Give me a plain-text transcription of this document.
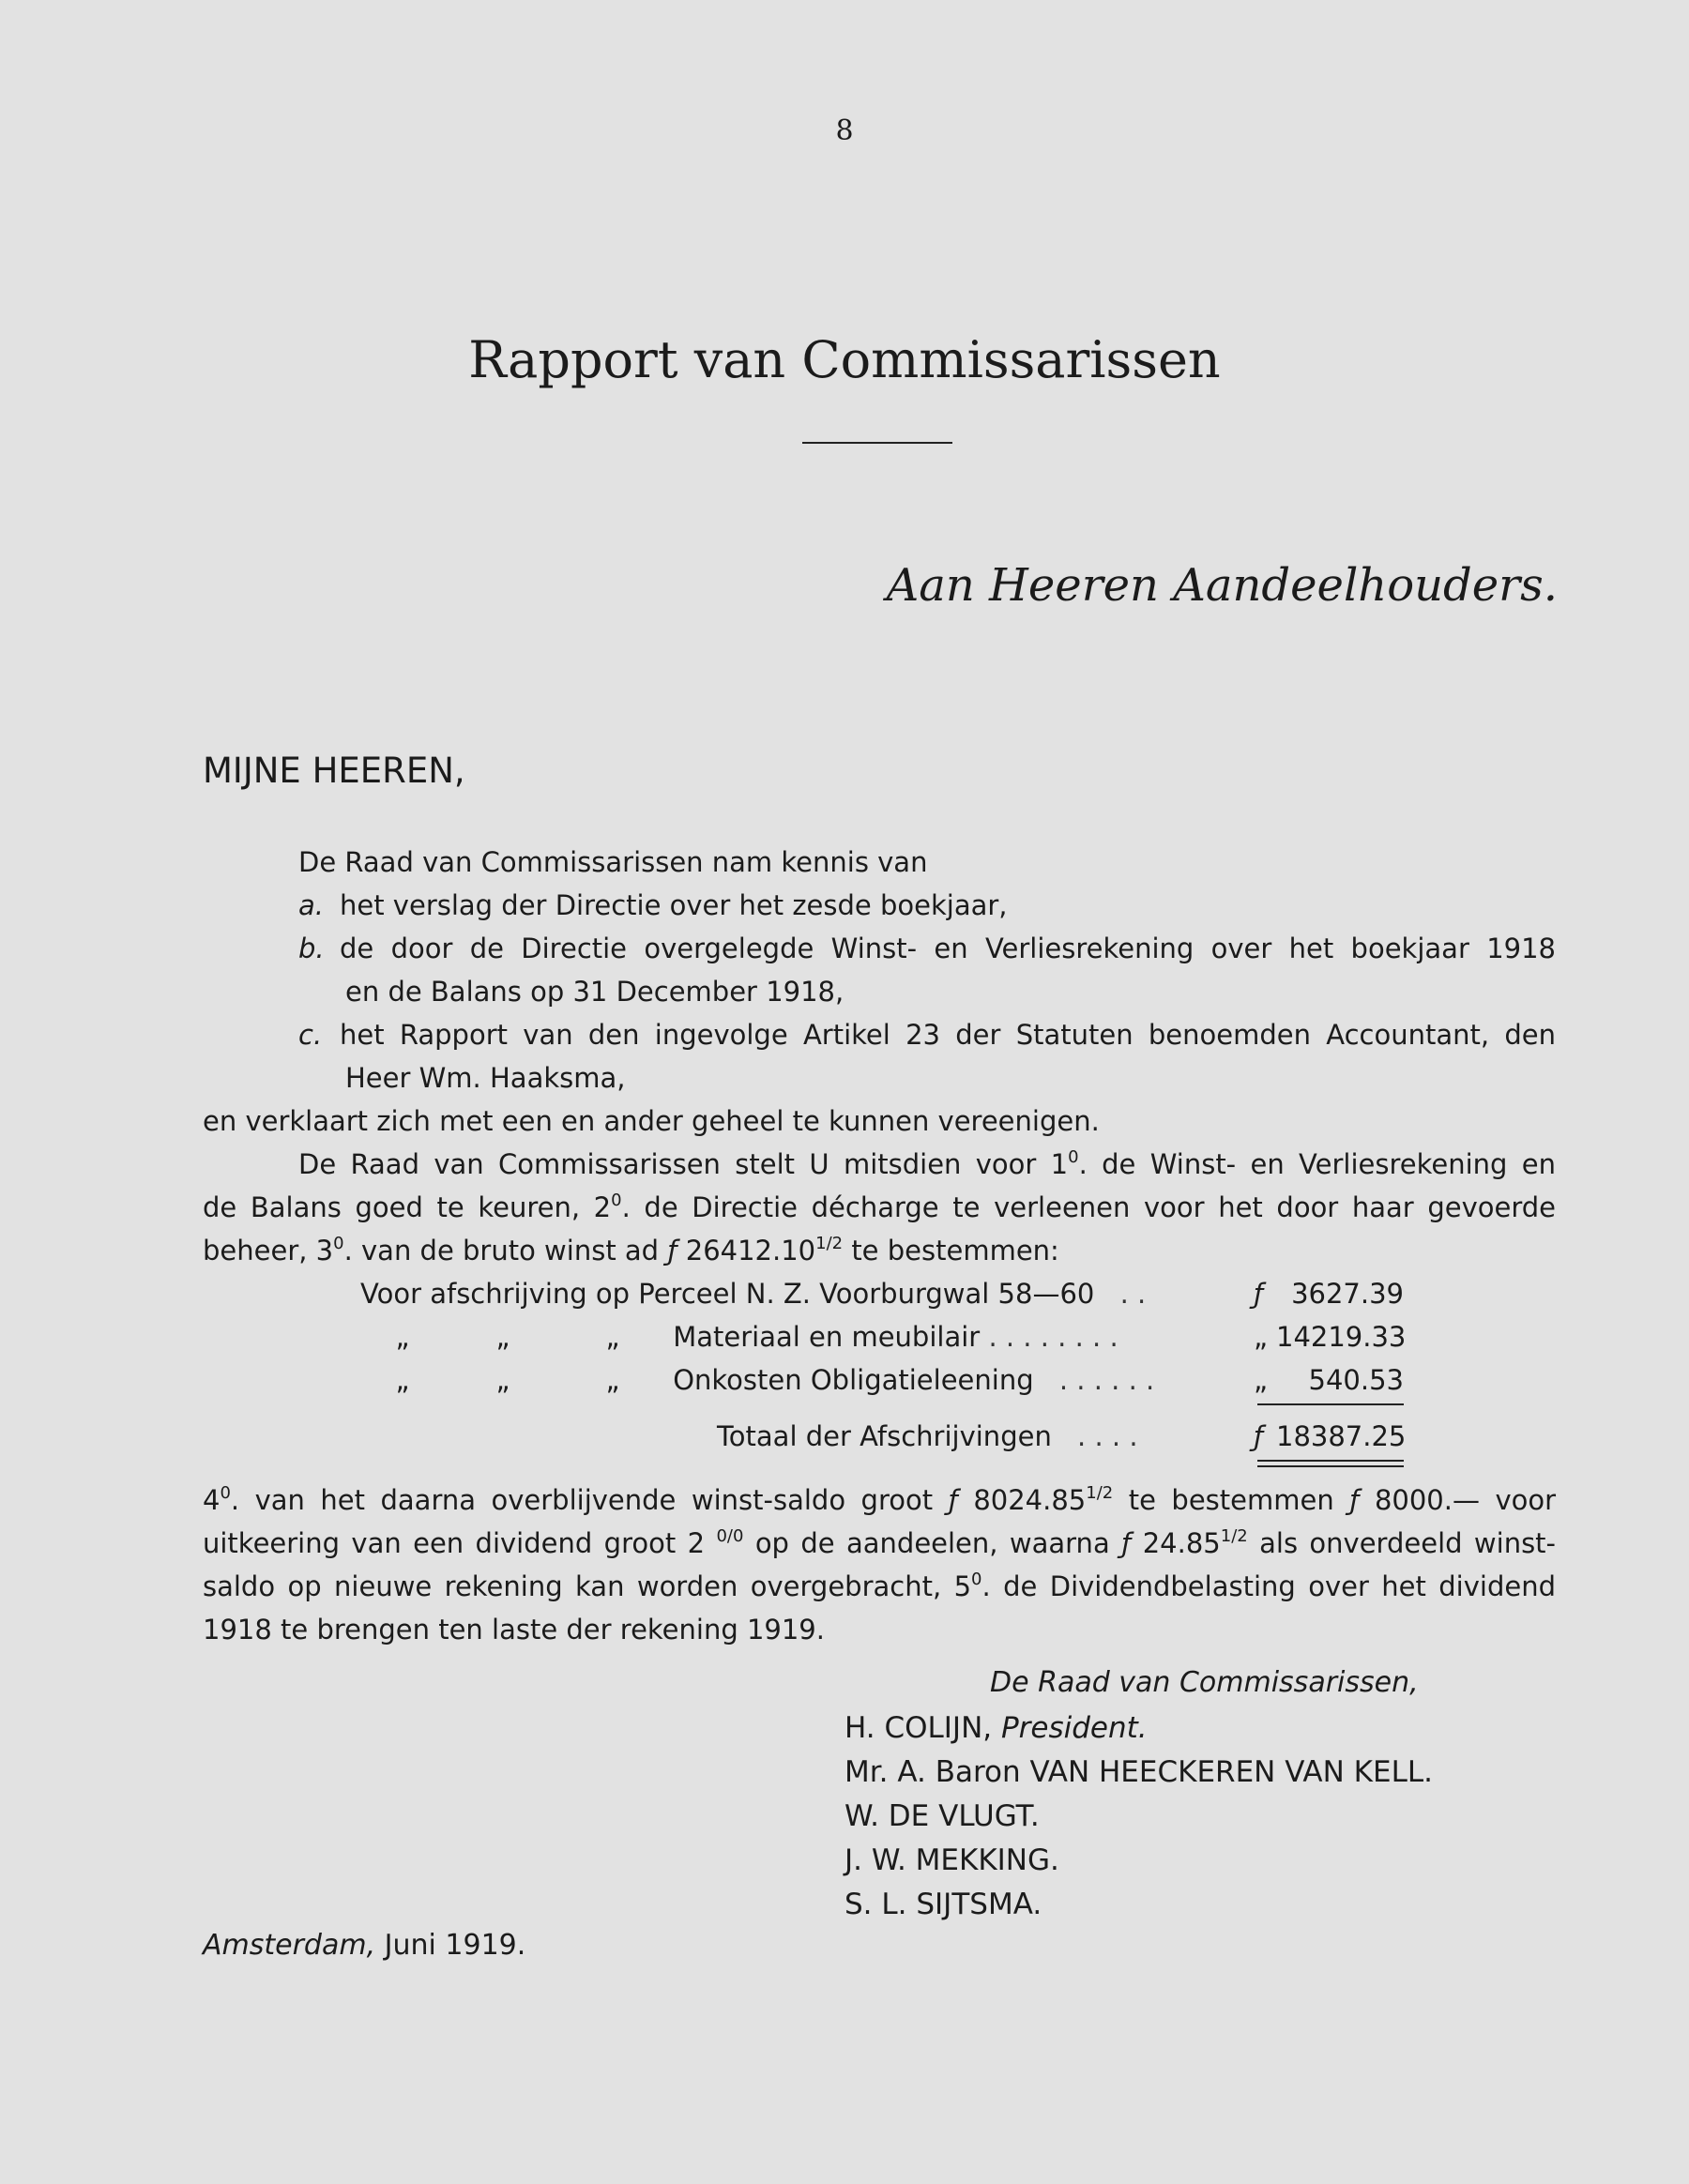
8
Rapport van Commissarissen
Aan Heeren Aandeelhouders.
MIJNE HEEREN,
De Raad van Commissarissen nam kennis van
a. het verslag der Directie over het zesde boekjaar,
b. de door de Directie overgelegde Winst- en Verliesrekening over het boekjaar 1918
en de Balans op 31 December 1918,
c. het Rapport van den ingevolge Artikel 23 der Statuten benoemden Accountant, den
Heer Wm. Haaksma,
en verklaart zich met een en ander geheel te kunnen vereenigen.
De Raad van Commissarissen stelt U mitsdien voor $1^0$. de Winst- en Verliesrekening en
de Balans goed te keuren, $2^0$. de Directie décharge te verleenen voor het door haar gevoerde
beheer, $3^0$. van de bruto winst ad ƒ $26412.10^{1/2}$ te bestemmen:
Voor afschrijving op Perceel N. Z. Voorburgwal 58—60 . .	ƒ	3627.39
„	„	„ Materiaal en meubilair . . . . . . . .	„ 14219.33
„	„	„ Onkosten Obligatieleening . . . . . .	„	540.53
Totaal der Afschrijvingen . . . .	ƒ 18387.25
$4^0$. van het daarna overblijvende winst-saldo groot ƒ $8024.85^{1/2}$ te bestemmen ƒ 8000.— voor
uitkeering van een dividend groot 2 $^{0/0}$ op de aandeelen, waarna ƒ $24.85^{1/2}$ als onverdeeld winst-
saldo op nieuwe rekening kan worden overgebracht, $5^0$. de Dividendbelasting over het dividend
1918 te brengen ten laste der rekening 1919.
De Raad van Commissarissen,
H. COLIJN, President.
Mr. A. Baron VAN HEECKEREN VAN KELL.
W. DE VLUGT.
J. W. MEKKING.
S. L. SIJTSMA.
Amsterdam, Juni 1919.
